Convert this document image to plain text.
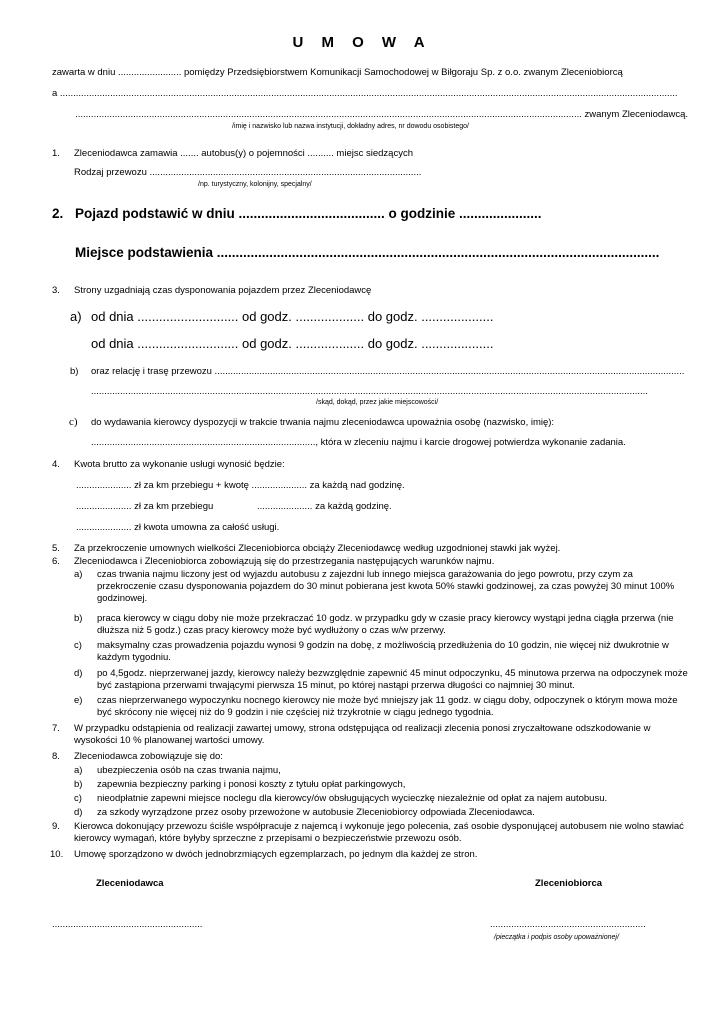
U M O W A
zawarta w dniu ........................ pomiędzy Przedsiębiorstwem Komunikacji Samochodowej w Biłgoraju Sp. z o.o. zwanym Zleceniobiorcą
a ..........................................................................................................................................................................................................................................
................................................................................................................................................................................................ zwanym Zleceniodawcą.
/imię i nazwisko lub nazwa instytucji, dokładny adres, nr dowodu osobistego/
1. Zleceniodawca zamawia ....... autobus(y) o pojemności .......... miejsc siedzących
Rodzaj przewozu .......................................................................................................
/np. turystyczny, kolonijny, specjalny/
2. Pojazd podstawić w dniu ....................................... o godzinie ......................
Miejsce podstawienia ......................................................................................................................
3. Strony uzgadniają czas dysponowania pojazdem przez Zleceniodawcę
a) od dnia ............................ od godz. ................... do godz. ....................
od dnia ............................ od godz. ................... do godz. ....................
b) oraz relację i trasę przewozu ..................................................................................................................................................................................
...................................................................................................................................................................................................................
/skąd, dokąd, przez jakie miejscowości/
c) do wydawania kierowcy dyspozycji w trakcie trwania najmu zleceniodawca upoważnia osobę (nazwisko, imię):
....................................................................................., która w zleceniu najmu i karcie drogowej potwierdza wykonanie zadania.
4. Kwota brutto za wykonanie usługi wynosić będzie:
..................... zł za km przebiegu + kwotę ..................... za każdą nad godzinę.
..................... zł za km przebiegu	..................... za każdą godzinę.
..................... zł kwota umowna za całość usługi.
5. Za przekroczenie umownych wielkości Zleceniobiorca obciąży Zleceniodawcę według uzgodnionej stawki jak wyżej.
6. Zleceniodawca i Zleceniobiorca zobowiązują się do przestrzegania następujących warunków najmu.
a) czas trwania najmu liczony jest od wyjazdu autobusu z zajezdni lub innego miejsca garażowania do jego powrotu, przy czym za przekroczenie czasu dysponowania pojazdem do 30 minut pobierana jest kwota 50% stawki godzinowej, za czas powyżej 30 minut 100% godzinowej.
b) praca kierowcy w ciągu doby nie może przekraczać 10 godz. w przypadku gdy w czasie pracy kierowcy wystąpi jedna ciągła przerwa (nie dłuższa niż 5 godz.) czas pracy kierowcy może być wydłużony o czas w/w przerwy.
c) maksymalny czas prowadzenia pojazdu wynosi 9 godzin na dobę, z możliwością przedłużenia do 10 godzin, nie więcej niż dwukrotnie w każdym tygodniu.
d) po 4,5godz. nieprzerwanej jazdy, kierowcy należy bezwzględnie zapewnić 45 minut odpoczynku, 45 minutowa przerwa na odpoczynek może być zastąpiona przerwami trwającymi pierwsza 15 minut, po której nastąpi przerwa długości co najmniej 30 minut.
e) czas nieprzerwanego wypoczynku nocnego kierowcy nie może być mniejszy jak 11 godz. w ciągu doby, odpoczynek o którym mowa może być skrócony nie więcej niż do 9 godzin i nie częściej niż trzykrotnie w ciągu jednego tygodnia.
7. W przypadku odstąpienia od realizacji zawartej umowy, strona odstępująca od realizacji zlecenia ponosi zryczałtowane odszkodowanie w wysokości 10 % planowanej wartości umowy.
8. Zleceniodawca zobowiązuje się do:
a) ubezpieczenia osób na czas trwania najmu,
b) zapewnia bezpieczny parking i ponosi koszty z tytułu opłat parkingowych,
c) nieodpłatnie zapewni miejsce noclegu dla kierowcy/ów obsługujących wycieczkę niezależnie od opłat za najem autobusu.
d) za szkody wyrządzone przez osoby przewożone w autobusie Zleceniobiorcy odpowiada Zleceniodawca.
9. Kierowca dokonujący przewozu ściśle współpracuje z najemcą i wykonuje jego polecenia, zaś osobie dysponującej autobusem nie wolno stawiać kierowcy wymagań, które byłyby sprzeczne z przepisami o bezpieczeństwie przewozu osób.
10. Umowę sporządzono w dwóch jednobrzmiących egzemplarzach, po jednym dla każdej ze stron.
Zleceniodawca	Zleceniobiorca
.........................................................	...........................................................
/pieczątka i podpis osoby upoważnionej/
